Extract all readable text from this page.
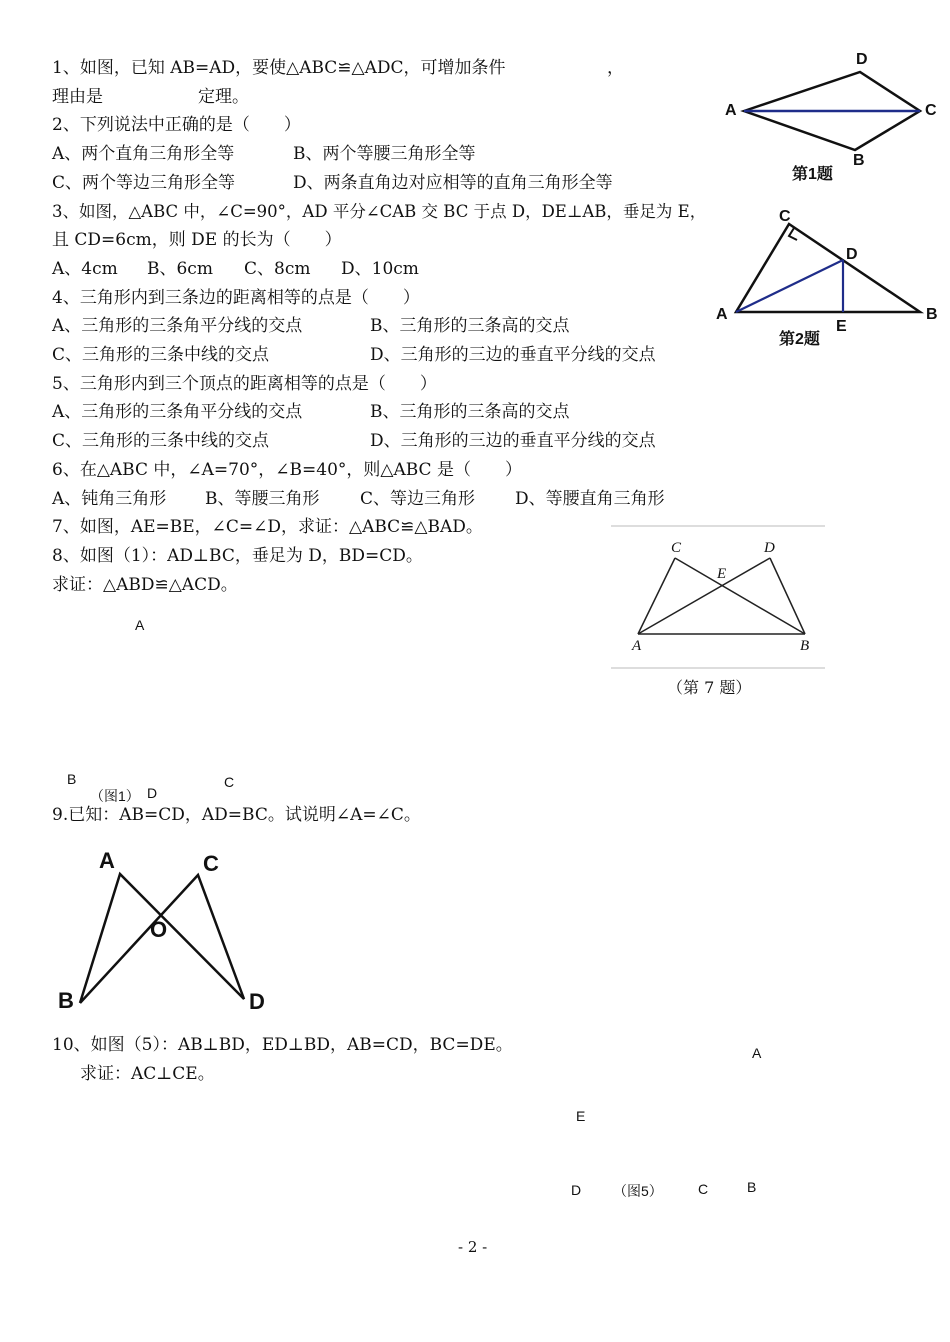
1、如图，已知 AB=AD，要使△ABC≌△ADC，可增加条件	，
理由是	定理。
2、下列说法中正确的是（　　）
A、两个直角三角形全等	B、两个等腰三角形全等
C、两个等边三角形全等	D、两条直角边对应相等的直角三角形全等
3、如图，△ABC 中，∠C=90°，AD 平分∠CAB 交 BC 于点 D，DE⊥AB，垂足为 E，
且 CD=6cm，则 DE 的长为（　　）
A、4cm B、6cm C、8cm D、10cm
4、三角形内到三条边的距离相等的点是（　　）
A、三角形的三条角平分线的交点	B、三角形的三条高的交点
C、三角形的三条中线的交点	D、三角形的三边的垂直平分线的交点
5、三角形内到三个顶点的距离相等的点是（　　）
A、三角形的三条角平分线的交点	B、三角形的三条高的交点
C、三角形的三条中线的交点	D、三角形的三边的垂直平分线的交点
6、在△ABC 中，∠A=70°，∠B=40°，则△ABC 是（　　）
A、钝角三角形 B、等腰三角形 C、等边三角形 D、等腰直角三角形
7、如图，AE=BE，∠C=∠D，求证：△ABC≌△BAD。
8、如图（1）：AD⊥BC，垂足为 D，BD=CD。
求证：△ABD≌△ACD。
9.已知：AB=CD，AD=BC。试说明∠A=∠C。
10、如图（5）：AB⊥BD，ED⊥BD，AB=CD，BC=DE。
求证：AC⊥CE。
A
D
C
B
第1题
C
D
A	B
E
第2题
C	D
E
A	B
（第 7 题）
A
B	C
（图1） D
A	C
O
B	D
A
E
D （图5）	C	B
- 2 -
